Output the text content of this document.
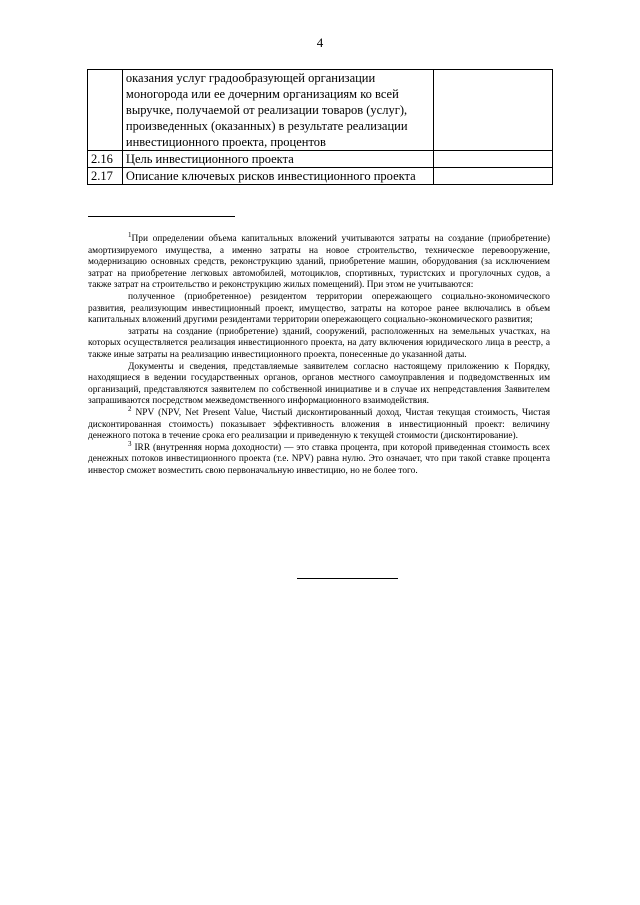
4
	оказания услуг градообразующей организации моногорода или ее дочерним организациям ко всей выручке, получаемой от реализации товаров (услуг), произведенных (оказанных) в результате реализации инвестиционного проекта, процентов	
2.16	Цель инвестиционного проекта	
2.17	Описание ключевых рисков инвестиционного проекта	

$^1$При определении объема капитальных вложений учитываются затраты на создание (приобретение) амортизируемого имущества, а именно затраты на новое строительство, техническое перевооружение, модернизацию основных средств, реконструкцию зданий, приобретение машин, оборудования (за исключением затрат на приобретение легковых автомобилей, мотоциклов, спортивных, туристских и прогулочных судов, а также затрат на строительство и реконструкцию жилых помещений). При этом не учитываются:

полученное (приобретенное) резидентом территории опережающего социально-экономического развития, реализующим инвестиционный проект, имущество, затраты на которое ранее включались в объем капитальных вложений другими резидентами территории опережающего социально-экономического развития;

затраты на создание (приобретение) зданий, сооружений, расположенных на земельных участках, на которых осуществляется реализация инвестиционного проекта, на дату включения юридического лица в реестр, а также иные затраты на реализацию инвестиционного проекта, понесенные до указанной даты.

Документы и сведения, представляемые заявителем согласно настоящему приложению к Порядку, находящиеся в ведении государственных органов, органов местного самоуправления и подведомственных им организаций, представляются заявителем по собственной инициативе и в случае их непредставления Заявителем запрашиваются посредством межведомственного информационного взаимодействия.

$^2$ NPV (NPV, Net Present Value, Чистый дисконтированный доход, Чистая текущая стоимость, Чистая дисконтированная стоимость) показывает эффективность вложения в инвестиционный проект: величину денежного потока в течение срока его реализации и приведенную к текущей стоимости (дисконтирование).

$^3$ IRR (внутренняя норма доходности) — это ставка процента, при которой приведенная стоимость всех денежных потоков инвестиционного проекта (т.е. NPV) равна нулю. Это означает, что при такой ставке процента инвестор сможет возместить свою первоначальную инвестицию, но не более того.
